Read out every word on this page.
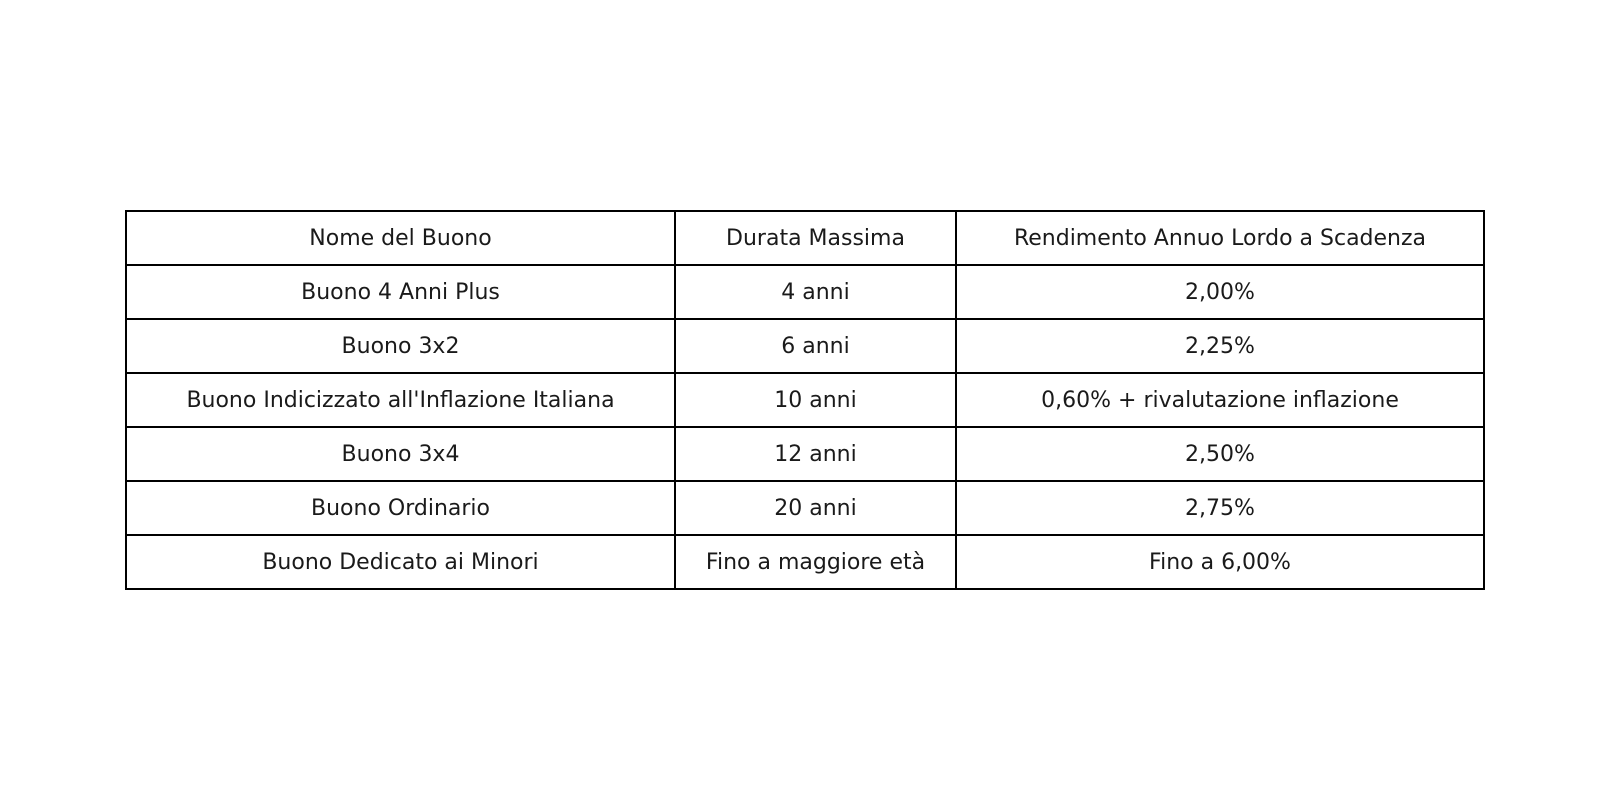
Nome del Buono	Durata Massima	Rendimento Annuo Lordo a Scadenza
Buono 4 Anni Plus	4 anni	2,00%
Buono 3x2	6 anni	2,25%
Buono Indicizzato all'Inflazione Italiana	10 anni	0,60% + rivalutazione inflazione
Buono 3x4	12 anni	2,50%
Buono Ordinario	20 anni	2,75%
Buono Dedicato ai Minori	Fino a maggiore età	Fino a 6,00%
